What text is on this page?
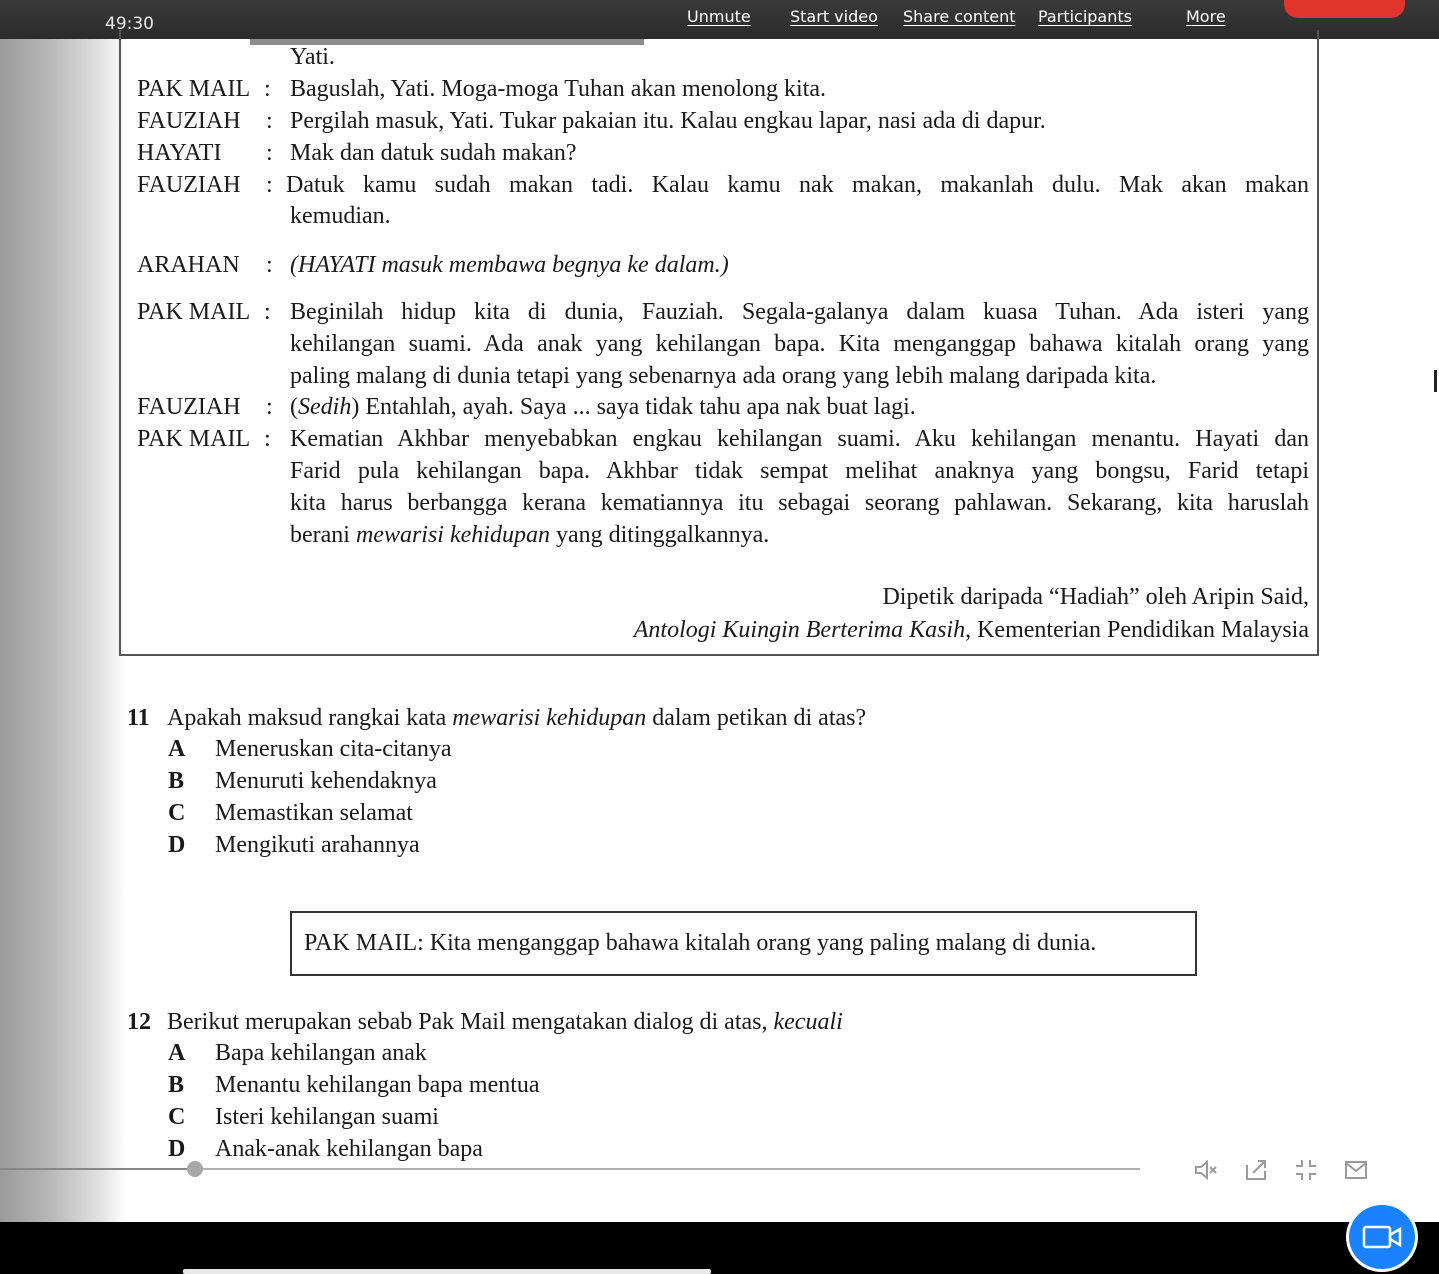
49:30	Unmute Start video Share content Participants	More
Yati.
PAK MAIL : Baguslah, Yati. Moga-moga Tuhan akan menolong kita.
FAUZIAH : Pergilah masuk, Yati. Tukar pakaian itu. Kalau engkau lapar, nasi ada di dapur.
HAYATI : Mak dan datuk sudah makan?
FAUZIAH : Datuk kamu sudah makan tadi. Kalau kamu nak makan, makanlah dulu. Mak akan makan
kemudian.
ARAHAN : (HAYATI masuk membawa begnya ke dalam.)
PAK MAIL : Beginilah hidup kita di dunia, Fauziah. Segala-galanya dalam kuasa Tuhan. Ada isteri yang
kehilangan suami. Ada anak yang kehilangan bapa. Kita menganggap bahawa kitalah orang yang
paling malang di dunia tetapi yang sebenarnya ada orang yang lebih malang daripada kita.
FAUZIAH : (Sedih) Entahlah, ayah. Saya ... saya tidak tahu apa nak buat lagi.
PAK MAIL : Kematian Akhbar menyebabkan engkau kehilangan suami. Aku kehilangan menantu. Hayati dan
Farid pula kehilangan bapa. Akhbar tidak sempat melihat anaknya yang bongsu, Farid tetapi
kita harus berbangga kerana kematiannya itu sebagai seorang pahlawan. Sekarang, kita haruslah
berani mewarisi kehidupan yang ditinggalkannya.
Dipetik daripada “Hadiah” oleh Aripin Said,
Antologi Kuingin Berterima Kasih, Kementerian Pendidikan Malaysia
11 Apakah maksud rangkai kata mewarisi kehidupan dalam petikan di atas?
A Meneruskan cita-citanya
B Menuruti kehendaknya
C Memastikan selamat
D Mengikuti arahannya
PAK MAIL: Kita menganggap bahawa kitalah orang yang paling malang di dunia.
12 Berikut merupakan sebab Pak Mail mengatakan dialog di atas, kecuali
A Bapa kehilangan anak
B Menantu kehilangan bapa mentua
C Isteri kehilangan suami
D Anak-anak kehilangan bapa
